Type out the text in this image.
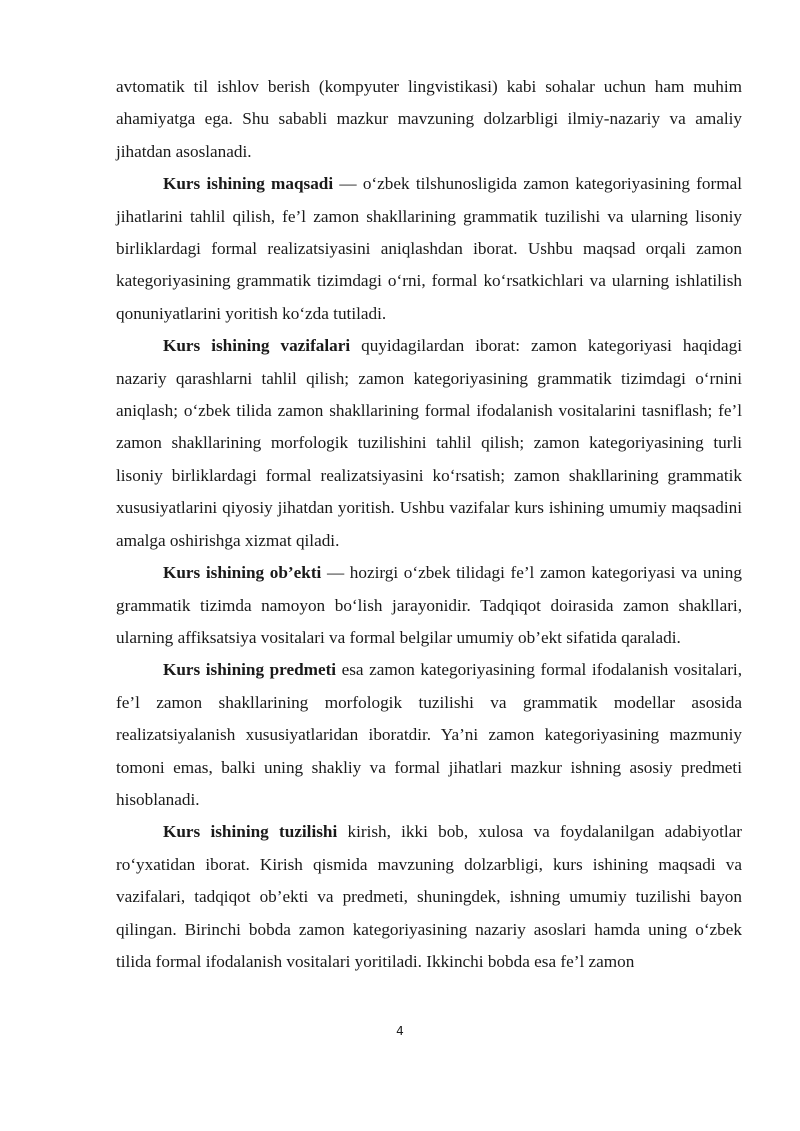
avtomatik til ishlov berish (kompyuter lingvistikasi) kabi sohalar uchun ham muhim ahamiyatga ega. Shu sababli mazkur mavzuning dolzarbligi ilmiy-nazariy va amaliy jihatdan asoslanadi.

Kurs ishining maqsadi — oʻzbek tilshunosligida zamon kategoriyasining formal jihatlarini tahlil qilish, fe’l zamon shakllarining grammatik tuzilishi va ularning lisoniy birliklardagi formal realizatsiyasini aniqlashdan iborat. Ushbu maqsad orqali zamon kategoriyasining grammatik tizimdagi oʻrni, formal koʻrsatkichlari va ularning ishlatilish qonuniyatlarini yoritish koʻzda tutiladi.

Kurs ishining vazifalari quyidagilardan iborat: zamon kategoriyasi haqidagi nazariy qarashlarni tahlil qilish; zamon kategoriyasining grammatik tizimdagi oʻrnini aniqlash; oʻzbek tilida zamon shakllarining formal ifodalanish vositalarini tasniflash; fe’l zamon shakllarining morfologik tuzilishini tahlil qilish; zamon kategoriyasining turli lisoniy birliklardagi formal realizatsiyasini koʻrsatish; zamon shakllarining grammatik xususiyatlarini qiyosiy jihatdan yoritish. Ushbu vazifalar kurs ishining umumiy maqsadini amalga oshirishga xizmat qiladi.

Kurs ishining ob’ekti — hozirgi oʻzbek tilidagi fe’l zamon kategoriyasi va uning grammatik tizimda namoyon boʻlish jarayonidir. Tadqiqot doirasida zamon shakllari, ularning affiksatsiya vositalari va formal belgilar umumiy ob’ekt sifatida qaraladi.

Kurs ishining predmeti esa zamon kategoriyasining formal ifodalanish vositalari, fe’l zamon shakllarining morfologik tuzilishi va grammatik modellar asosida realizatsiyalanish xususiyatlaridan iboratdir. Ya’ni zamon kategoriyasining mazmuniy tomoni emas, balki uning shakliy va formal jihatlari mazkur ishning asosiy predmeti hisoblanadi.

Kurs ishining tuzilishi kirish, ikki bob, xulosa va foydalanilgan adabiyotlar roʻyxatidan iborat. Kirish qismida mavzuning dolzarbligi, kurs ishining maqsadi va vazifalari, tadqiqot ob’ekti va predmeti, shuningdek, ishning umumiy tuzilishi bayon qilingan. Birinchi bobda zamon kategoriyasining nazariy asoslari hamda uning oʻzbek tilida formal ifodalanish vositalari yoritiladi. Ikkinchi bobda esa fe’l zamon

4
